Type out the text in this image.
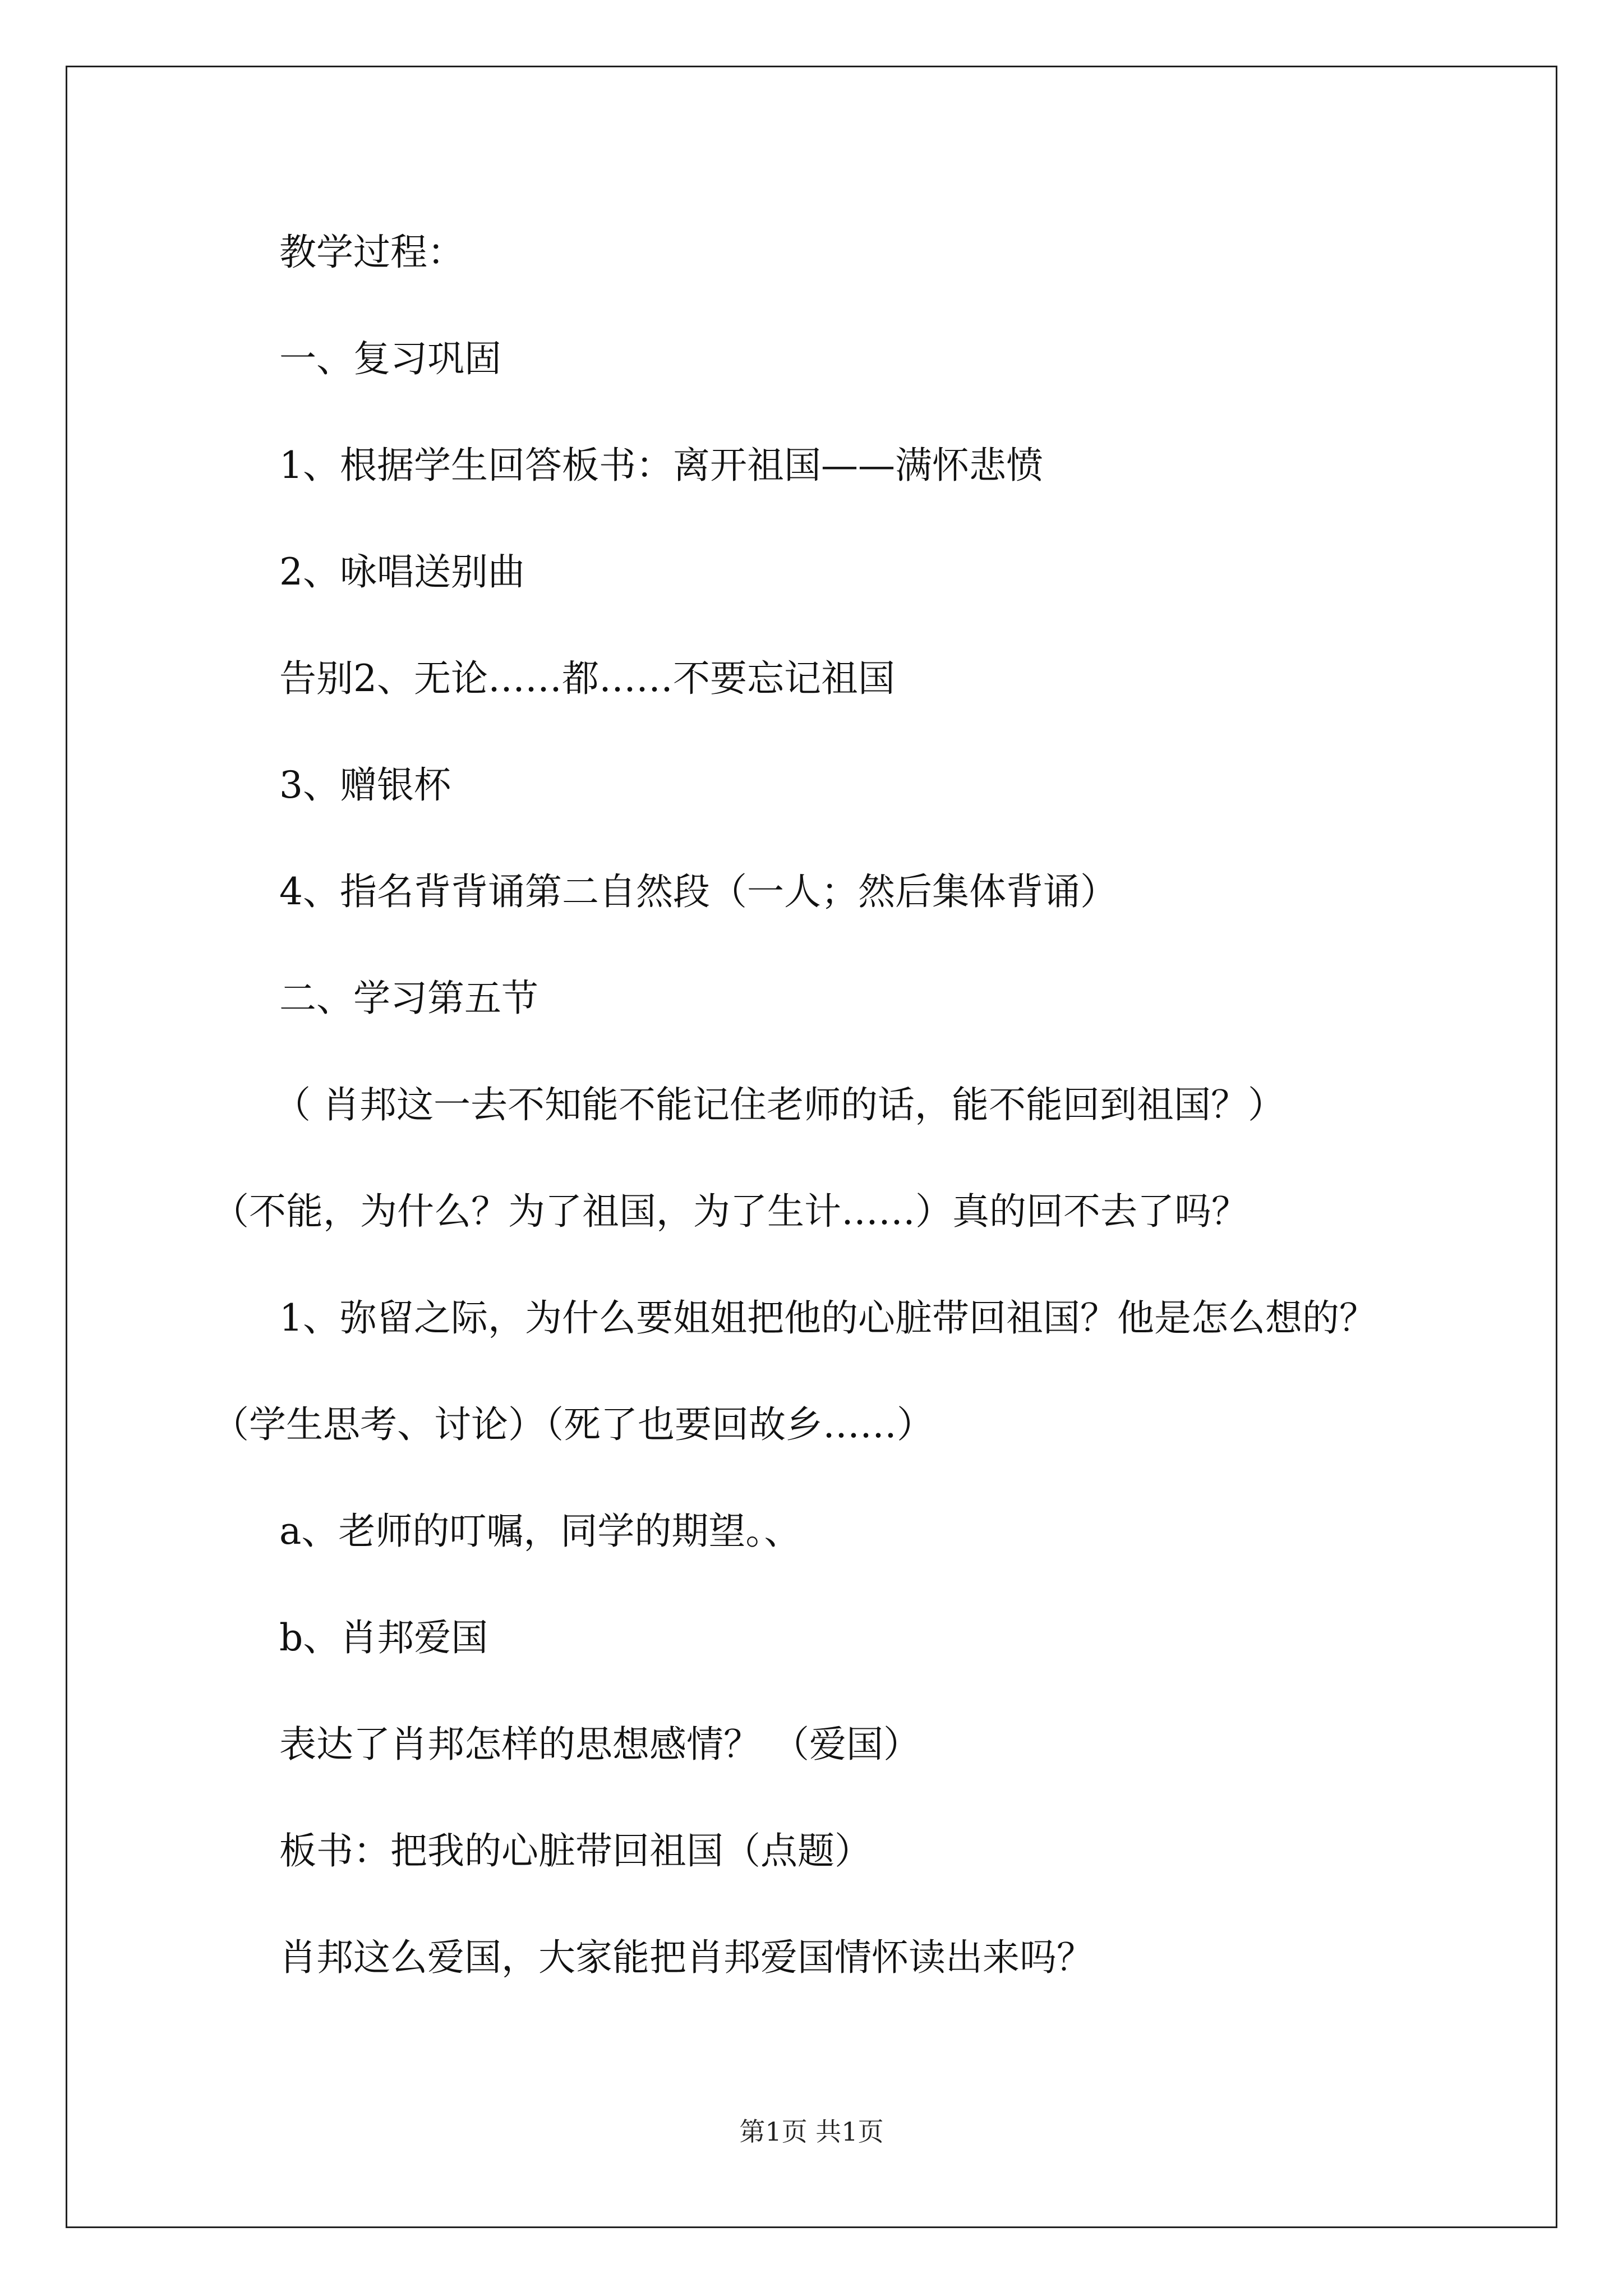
教学过程：

一、复习巩固

1、根据学生回答板书：离开祖国——满怀悲愤

2、咏唱送别曲

告别2、无论……都……不要忘记祖国

3、赠银杯

4、指名背背诵第二自然段（一人；然后集体背诵）

二、学习第五节

（ 肖邦这一去不知能不能记住老师的话，能不能回到祖国？）

（不能，为什么？为了祖国，为了生计……）真的回不去了吗？

1、弥留之际，为什么要姐姐把他的心脏带回祖国？他是怎么想的？

（学生思考、讨论）（死了也要回故乡……）

a、老师的叮嘱，同学的期望。、

b、肖邦爱国

表达了肖邦怎样的思想感情？ （爱国）

板书：把我的心脏带回祖国（点题）

肖邦这么爱国，大家能把肖邦爱国情怀读出来吗？

第1页 共1页
